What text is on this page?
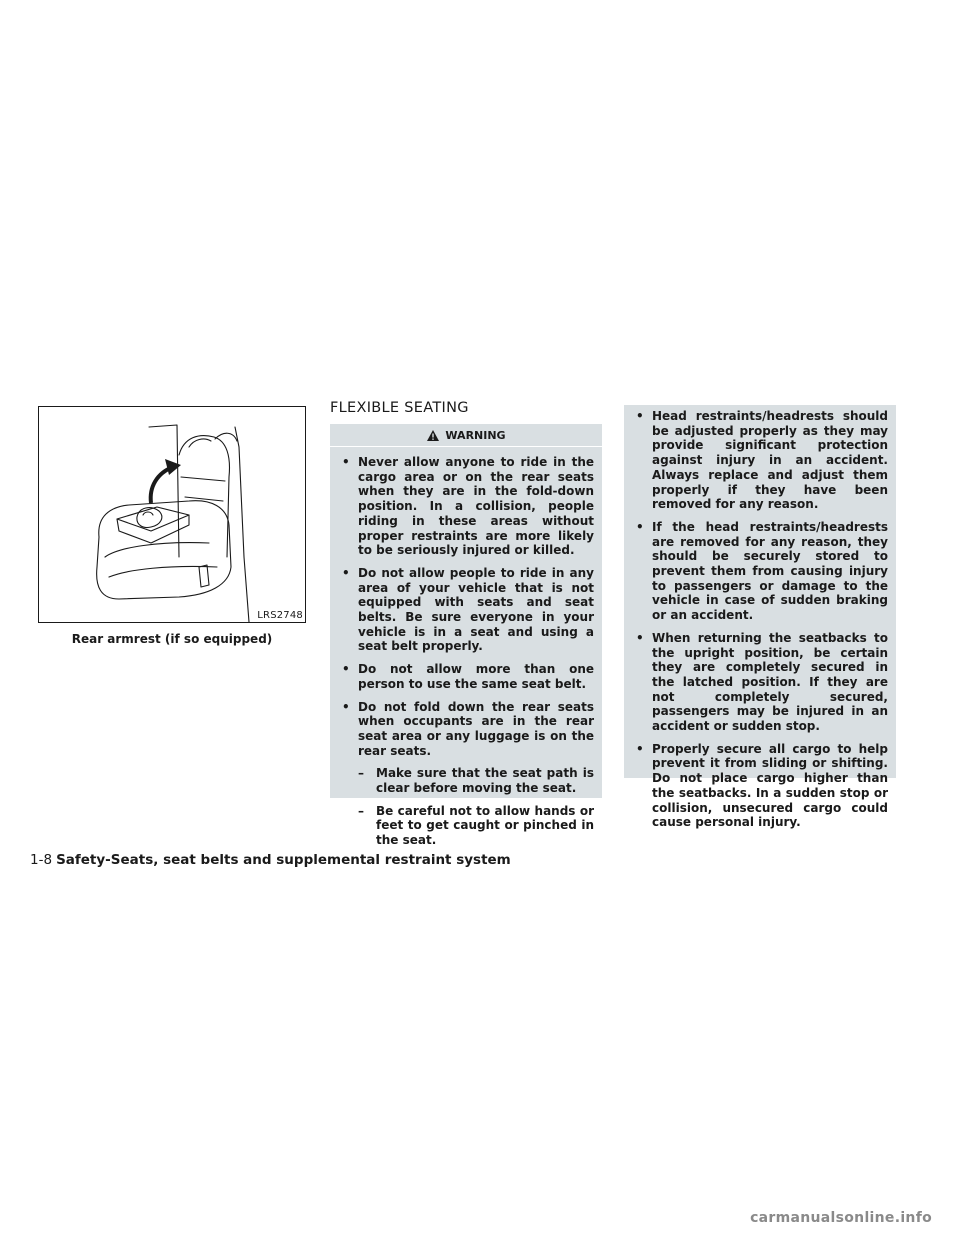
LRS2748
Rear armrest (if so equipped)
FLEXIBLE SEATING
WARNING

• Never allow anyone to ride in the cargo area or on the rear seats when they are in the fold-down position. In a collision, people riding in these areas without proper restraints are more likely to be seriously injured or killed.

• Do not allow people to ride in any area of your vehicle that is not equipped with seats and seat belts. Be sure everyone in your vehicle is in a seat and using a seat belt properly.

• Do not allow more than one person to use the same seat belt.

• Do not fold down the rear seats when occupants are in the rear seat area or any luggage is on the rear seats.

– Make sure that the seat path is clear before moving the seat.

– Be careful not to allow hands or feet to get caught or pinched in the seat.

• Head restraints/headrests should be adjusted properly as they may provide significant protection against injury in an accident. Always replace and adjust them properly if they have been removed for any reason.

• If the head restraints/headrests are removed for any reason, they should be securely stored to prevent them from causing injury to passengers or damage to the vehicle in case of sudden braking or an accident.

• When returning the seatbacks to the upright position, be certain they are completely secured in the latched position. If they are not completely secured, passengers may be injured in an accident or sudden stop.

• Properly secure all cargo to help prevent it from sliding or shifting. Do not place cargo higher than the seatbacks. In a sudden stop or collision, unsecured cargo could cause personal injury.

1-8 Safety-Seats, seat belts and supplemental restraint system
carmanualsonline.info
